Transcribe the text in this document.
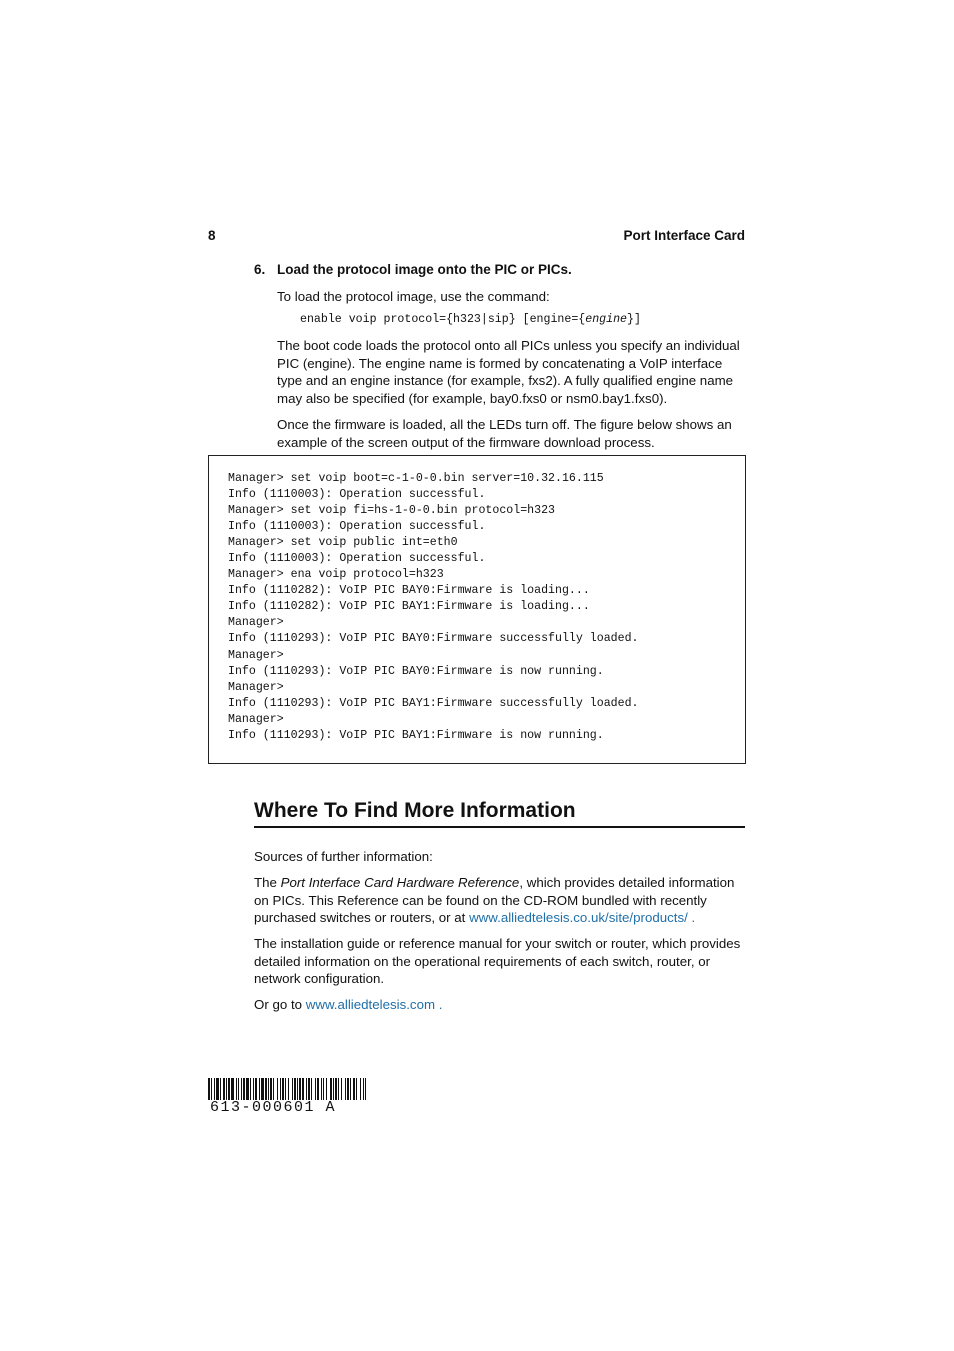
8	Port Interface Card
6. Load the protocol image onto the PIC or PICs.
To load the protocol image, use the command:
enable voip protocol={h323|sip} [engine={engine}]
The boot code loads the protocol onto all PICs unless you specify an individual PIC (engine). The engine name is formed by concatenating a VoIP interface type and an engine instance (for example, fxs2). A fully qualified engine name may also be specified (for example, bay0.fxs0 or nsm0.bay1.fxs0).
Once the firmware is loaded, all the LEDs turn off. The figure below shows an example of the screen output of the firmware download process.
Manager> set voip boot=c-1-0-0.bin server=10.32.16.115
Info (1110003): Operation successful.
Manager> set voip fi=hs-1-0-0.bin protocol=h323
Info (1110003): Operation successful.
Manager> set voip public int=eth0
Info (1110003): Operation successful.
Manager> ena voip protocol=h323
Info (1110282): VoIP PIC BAY0:Firmware is loading...
Info (1110282): VoIP PIC BAY1:Firmware is loading...
Manager>
Info (1110293): VoIP PIC BAY0:Firmware successfully loaded.
Manager>
Info (1110293): VoIP PIC BAY0:Firmware is now running.
Manager>
Info (1110293): VoIP PIC BAY1:Firmware successfully loaded.
Manager>
Info (1110293): VoIP PIC BAY1:Firmware is now running.
Where To Find More Information
Sources of further information:
The Port Interface Card Hardware Reference, which provides detailed information on PICs. This Reference can be found on the CD-ROM bundled with recently purchased switches or routers, or at www.alliedtelesis.co.uk/site/products/ .
The installation guide or reference manual for your switch or router, which provides detailed information on the operational requirements of each switch, router, or network configuration.
Or go to www.alliedtelesis.com .
613-000601 A
